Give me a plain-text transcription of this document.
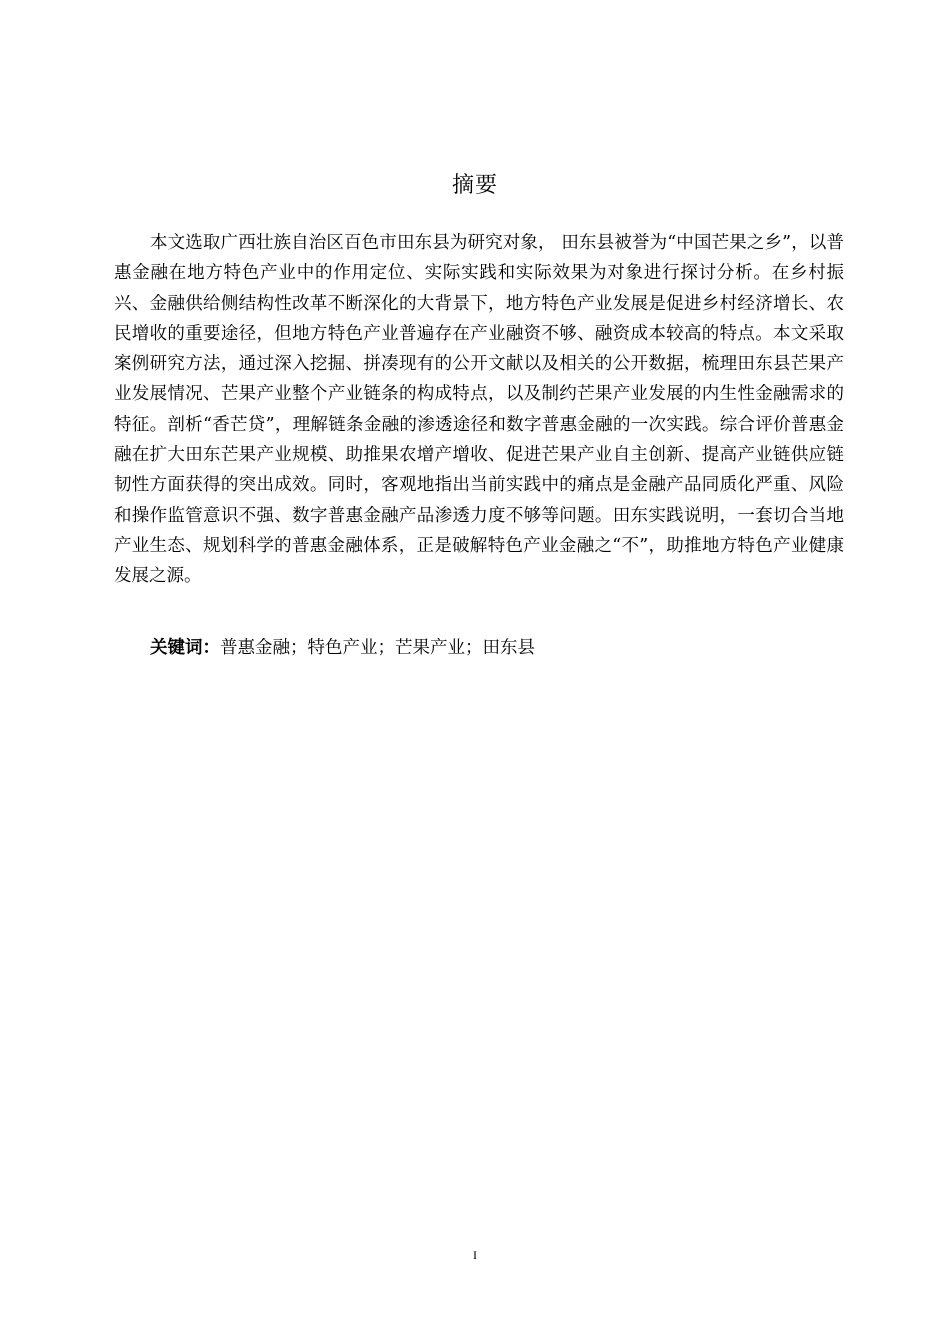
摘要

本文选取广西壮族自治区百色市田东县为研究对象， 田东县被誉为“中国芒果之乡”，以普惠金融在地方特色产业中的作用定位、实际实践和实际效果为对象进行探讨分析。在乡村振兴、金融供给侧结构性改革不断深化的大背景下，地方特色产业发展是促进乡村经济增长、农民增收的重要途径，但地方特色产业普遍存在产业融资不够、融资成本较高的特点。本文采取案例研究方法，通过深入挖掘、拼凑现有的公开文献以及相关的公开数据，梳理田东县芒果产业发展情况、芒果产业整个产业链条的构成特点，以及制约芒果产业发展的内生性金融需求的特征。剖析“香芒贷”，理解链条金融的渗透途径和数字普惠金融的一次实践。综合评价普惠金融在扩大田东芒果产业规模、助推果农增产增收、促进芒果产业自主创新、提高产业链供应链韧性方面获得的突出成效。同时，客观地指出当前实践中的痛点是金融产品同质化严重、风险和操作监管意识不强、数字普惠金融产品渗透力度不够等问题。田东实践说明，一套切合当地产业生态、规划科学的普惠金融体系，正是破解特色产业金融之“不”，助推地方特色产业健康发展之源。

关键词：普惠金融；特色产业；芒果产业；田东县

I
